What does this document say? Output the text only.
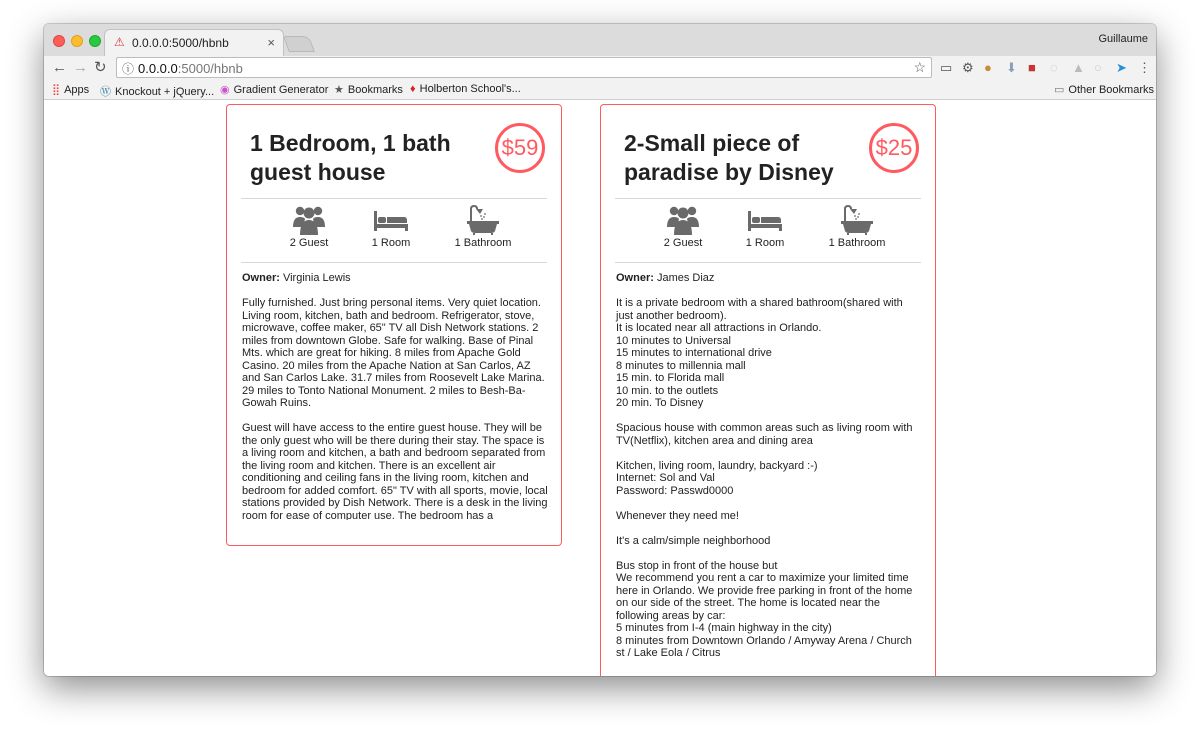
⚠ 0.0.0.0:5000/hbnb	×	Guillaume
← → ↻ ⓘ 0.0.0.0:5000/hbnb	☆ ▭ ⚙ ● ⬇ ■ ◌ ▲ ○ ➤ ⋮
⣿ Apps Ⓦ Knockout + jQuery... ◉ Gradient Generator ★ Bookmarks ♦ Holberton School's...	▭ Other Bookmarks
1 Bedroom, 1 bath guest house
$59
2 Guest	1 Room	1 Bathroom

Owner: Virginia Lewis

Fully furnished. Just bring personal items. Very quiet location. Living room, kitchen, bath and bedroom. Refrigerator, stove, microwave, coffee maker, 65" TV all Dish Network stations. 2 miles from downtown Globe. Safe for walking. Base of Pinal Mts. which are great for hiking. 8 miles from Apache Gold Casino. 20 miles from the Apache Nation at San Carlos, AZ and San Carlos Lake. 31.7 miles from Roosevelt Lake Marina. 29 miles to Tonto National Monument. 2 miles to Besh-Ba-Gowah Ruins.

Guest will have access to the entire guest house. They will be the only guest who will be there during their stay. The space is a living room and kitchen, a bath and bedroom separated from the living room and kitchen. There is an excellent air conditioning and ceiling fans in the living room, kitchen and bedroom for added comfort. 65" TV with all sports, movie, local stations provided by Dish Network. There is a desk in the living room for ease of computer use. The bedroom has a

2-Small piece of paradise by Disney
$25
2 Guest	1 Room	1 Bathroom

Owner: James Diaz

It is a private bedroom with a shared bathroom(shared with just another bedroom).
It is located near all attractions in Orlando.
10 minutes to Universal
15 minutes to international drive
8 minutes to millennia mall
15 min. to Florida mall
10 min. to the outlets
20 min. To Disney

Spacious house with common areas such as living room with TV(Netflix), kitchen area and dining area

Kitchen, living room, laundry, backyard :-)
Internet: Sol and Val
Password: Passwd0000

Whenever they need me!

It's a calm/simple neighborhood

Bus stop in front of the house but
We recommend you rent a car to maximize your limited time here in Orlando. We provide free parking in front of the home on our side of the street. The home is located near the following areas by car:
5 minutes from I-4 (main highway in the city)
8 minutes from Downtown Orlando / Amyway Arena / Church st / Lake Eola / Citrus
